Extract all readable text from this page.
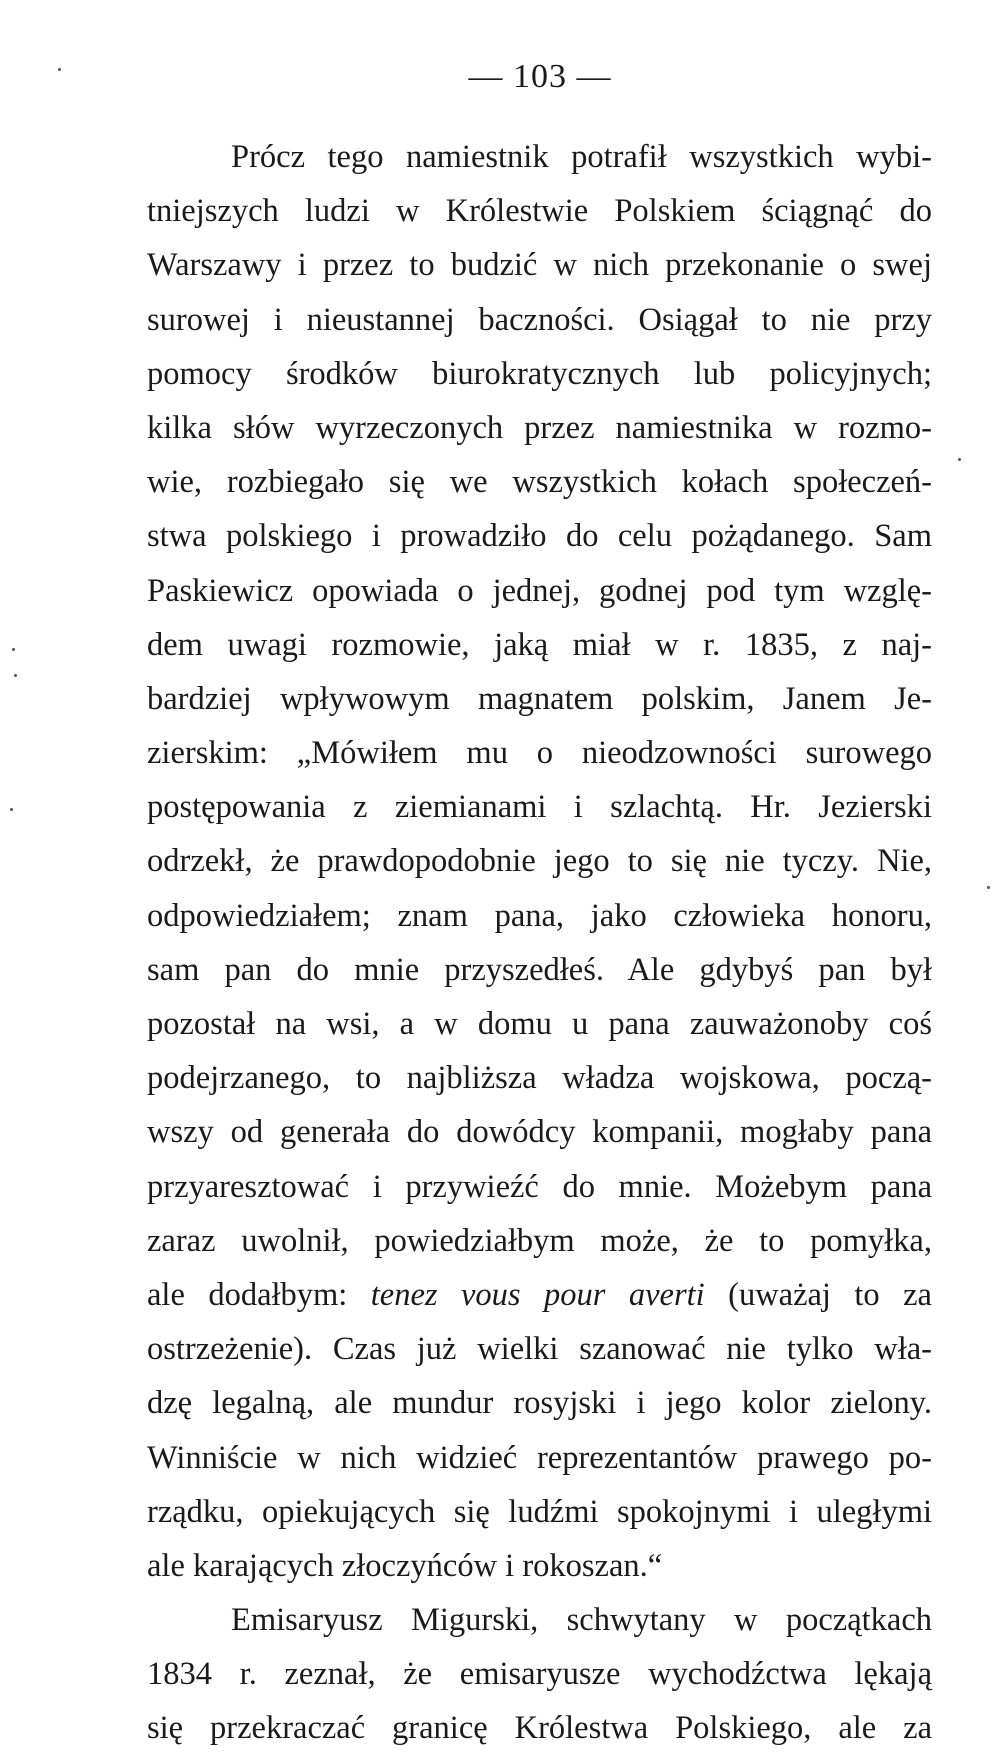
— 103 —
Prócz tego namiestnik potrafił wszystkich wybi-
tniejszych ludzi w Królestwie Polskiem ściągnąć do
Warszawy i przez to budzić w nich przekonanie o swej
surowej i nieustannej baczności. Osiągał to nie przy
pomocy środków biurokratycznych lub policyjnych;
kilka słów wyrzeczonych przez namiestnika w rozmo-
wie, rozbiegało się we wszystkich kołach społeczeń-
stwa polskiego i prowadziło do celu pożądanego. Sam
Paskiewicz opowiada o jednej, godnej pod tym wzglę-
dem uwagi rozmowie, jaką miał w r. 1835, z naj-
bardziej wpływowym magnatem polskim, Janem Je-
zierskim: „Mówiłem mu o nieodzowności surowego
postępowania z ziemianami i szlachtą. Hr. Jezierski
odrzekł, że prawdopodobnie jego to się nie tyczy. Nie,
odpowiedziałem; znam pana, jako człowieka honoru,
sam pan do mnie przyszedłeś. Ale gdybyś pan był
pozostał na wsi, a w domu u pana zauważonoby coś
podejrzanego, to najbliższa władza wojskowa, począ-
wszy od generała do dowódcy kompanii, mogłaby pana
przyaresztować i przywieźć do mnie. Możebym pana
zaraz uwolnił, powiedziałbym może, że to pomyłka,
ale dodałbym: tenez vous pour averti (uważaj to za
ostrzeżenie). Czas już wielki szanować nie tylko wła-
dzę legalną, ale mundur rosyjski i jego kolor zielony.
Winniście w nich widzieć reprezentantów prawego po-
rządku, opiekujących się ludźmi spokojnymi i uległymi
ale karających złoczyńców i rokoszan.“
Emisaryusz Migurski, schwytany w początkach
1834 r. zeznał, że emisaryusze wychodźctwa lękają
się przekraczać granicę Królestwa Polskiego, ale za
